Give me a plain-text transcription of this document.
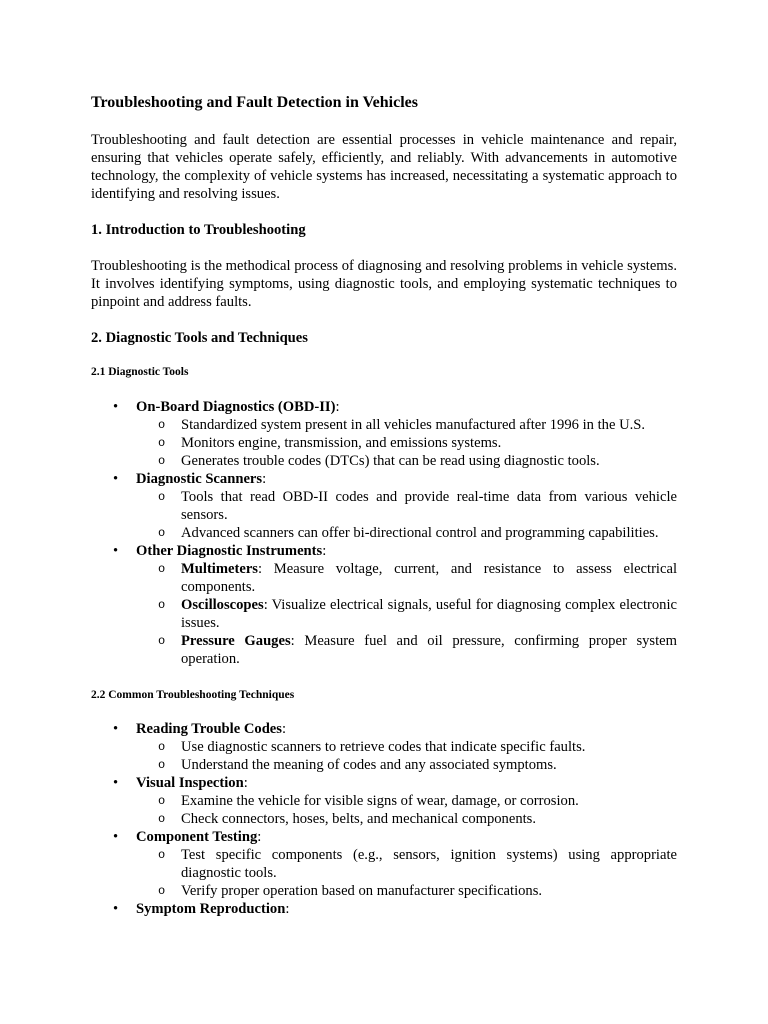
Troubleshooting and Fault Detection in Vehicles

Troubleshooting and fault detection are essential processes in vehicle maintenance and repair, ensuring that vehicles operate safely, efficiently, and reliably. With advancements in automotive technology, the complexity of vehicle systems has increased, necessitating a systematic approach to identifying and resolving issues.

1. Introduction to Troubleshooting

Troubleshooting is the methodical process of diagnosing and resolving problems in vehicle systems. It involves identifying symptoms, using diagnostic tools, and employing systematic techniques to pinpoint and address faults.

2. Diagnostic Tools and Techniques
2.1 Diagnostic Tools
• On-Board Diagnostics (OBD-II):
o Standardized system present in all vehicles manufactured after 1996 in the U.S.
o Monitors engine, transmission, and emissions systems.
o Generates trouble codes (DTCs) that can be read using diagnostic tools.
• Diagnostic Scanners:
o Tools that read OBD-II codes and provide real-time data from various vehicle sensors.
o Advanced scanners can offer bi-directional control and programming capabilities.
• Other Diagnostic Instruments:
o Multimeters: Measure voltage, current, and resistance to assess electrical components.
o Oscilloscopes: Visualize electrical signals, useful for diagnosing complex electronic issues.
o Pressure Gauges: Measure fuel and oil pressure, confirming proper system operation.
2.2 Common Troubleshooting Techniques
• Reading Trouble Codes:
o Use diagnostic scanners to retrieve codes that indicate specific faults.
o Understand the meaning of codes and any associated symptoms.
• Visual Inspection:
o Examine the vehicle for visible signs of wear, damage, or corrosion.
o Check connectors, hoses, belts, and mechanical components.
• Component Testing:
o Test specific components (e.g., sensors, ignition systems) using appropriate diagnostic tools.
o Verify proper operation based on manufacturer specifications.
• Symptom Reproduction:
